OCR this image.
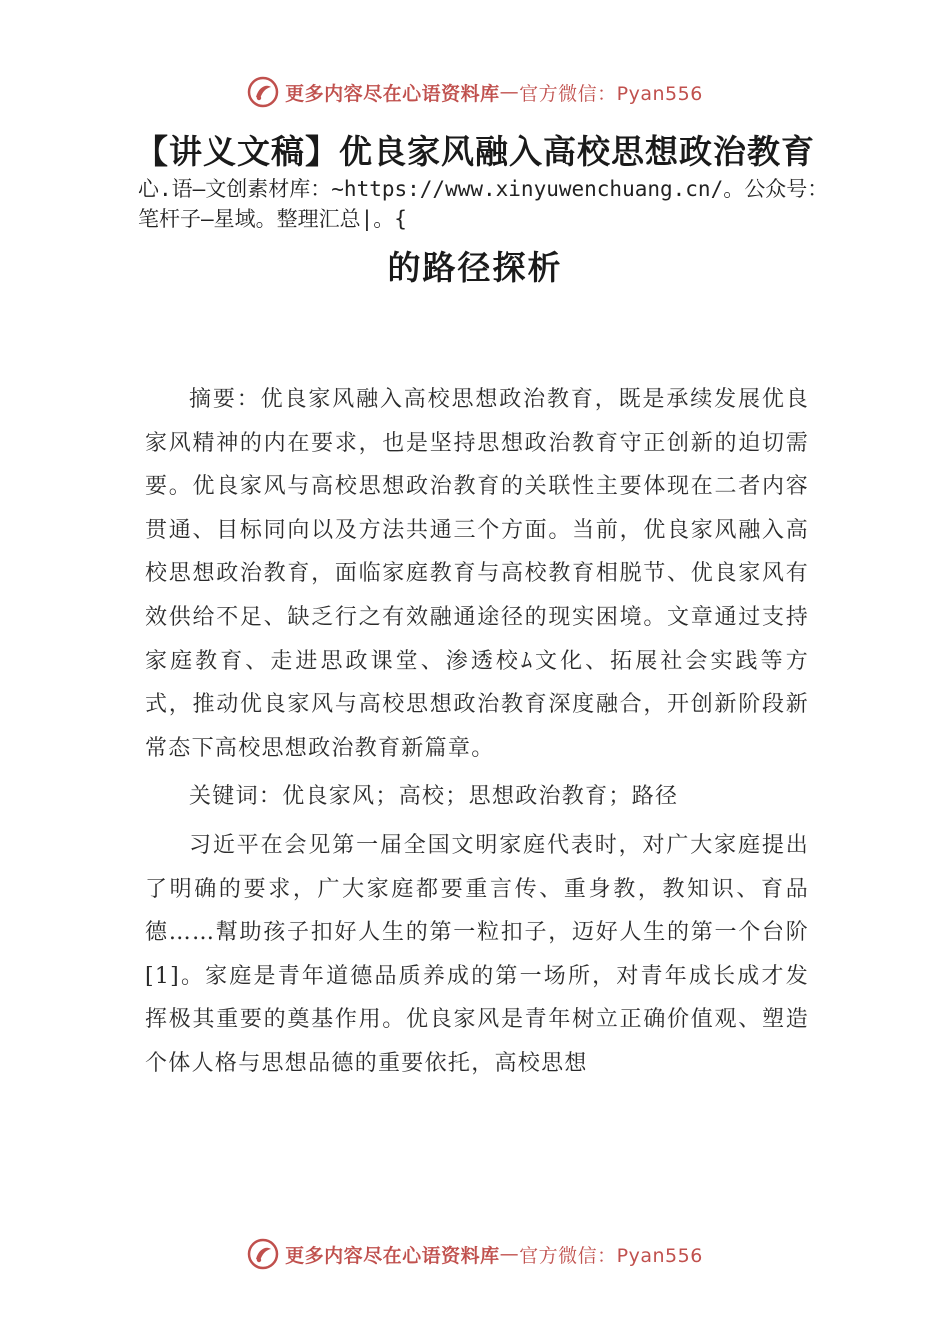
更多内容尽在心语资料库 — 官方微信：Pyan556
【讲义文稿】优良家风融入高校思想政治教育
心.语—文创素材库：~https://www.xinyuwenchuang.cn/。公众号：笔杆子—星域。整理汇总|。{
的路径探析

摘要：优良家风融入高校思想政治教育，既是承续发展优良家风精神的内在要求，也是坚持思想政治教育守正创新的迫切需要。优良家风与高校思想政治教育的关联性主要体现在二者内容贯通、目标同向以及方法共通三个方面。当前，优良家风融入高校思想政治教育，面临家庭教育与高校教育相脱节、优良家风有效供给不足、缺乏行之有效融通途径的现实困境。文章通过支持家庭教育、走进思政课堂、渗透校ﾑ文化、拓展社会实践等方式，推动优良家风与高校思想政治教育深度融合，开创新阶段新常态下高校思想政治教育新篇章。

关键词：优良家风；高校；思想政治教育；路径

习近平在会见第一届全国文明家庭代表时，对广大家庭提出了明确的要求，广大家庭都要重言传、重身教，教知识、育品德……幫助孩子扣好人生的第一粒扣子，迈好人生的第一个台阶[1]。家庭是青年道德品质养成的第一场所，对青年成长成才发挥极其重要的奠基作用。优良家风是青年树立正确价值观、塑造个体人格与思想品德的重要依托，高校思想

更多内容尽在心语资料库 — 官方微信：Pyan556
